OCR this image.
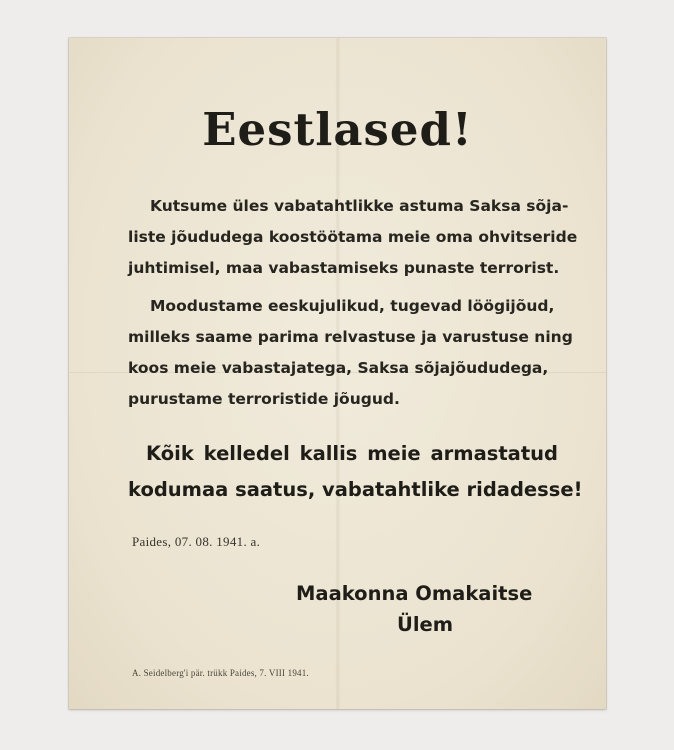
Eestlased!
Kutsume üles vabatahtlikke astuma Saksa sõja-
liste jõududega koostöötama meie oma ohvitseride
juhtimisel, maa vabastamiseks punaste terrorist.
Moodustame eeskujulikud, tugevad löögijõud,
milleks saame parima relvastuse ja varustuse ning
koos meie vabastajatega, Saksa sõjajõududega,
purustame terroristide jõugud.
Kõik kelledel kallis meie armastatud
kodumaa saatus, vabatahtlike ridadesse!
Paides, 07. 08. 1941. a.
Maakonna Omakaitse
Ülem
A. Seidelberg'i pär. trükk Paides, 7. VIII 1941.
